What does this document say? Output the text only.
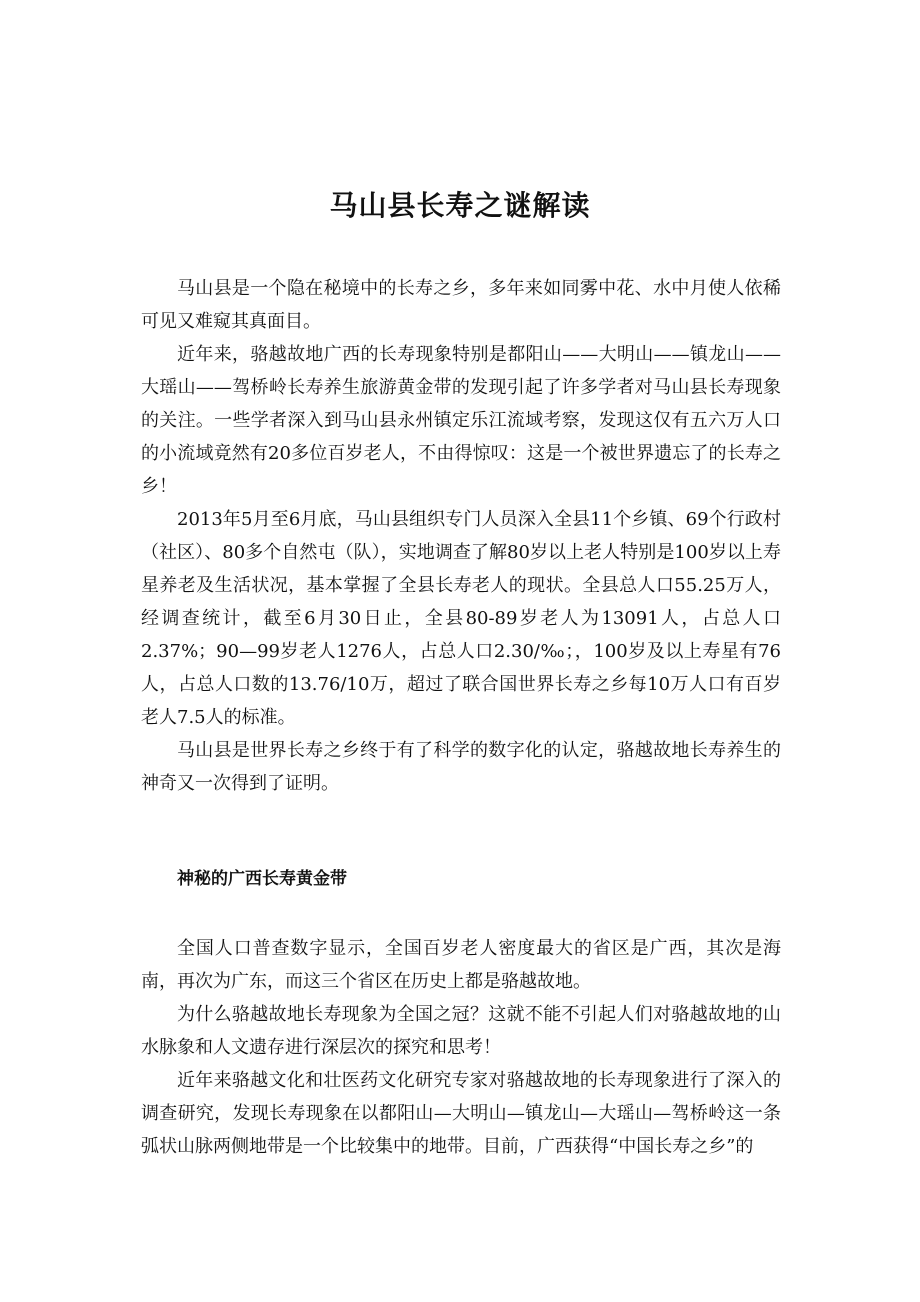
马山县长寿之谜解读

马山县是一个隐在秘境中的长寿之乡，多年来如同雾中花、水中月使人依稀可见又难窥其真面目。

近年来，骆越故地广西的长寿现象特别是都阳山——大明山——镇龙山——大瑶山——驾桥岭长寿养生旅游黄金带的发现引起了许多学者对马山县长寿现象的关注。一些学者深入到马山县永州镇定乐江流域考察，发现这仅有五六万人口的小流域竟然有20多位百岁老人，不由得惊叹：这是一个被世界遗忘了的长寿之乡！

2013年5月至6月底，马山县组织专门人员深入全县11个乡镇、69个行政村（社区）、80多个自然屯（队），实地调查了解80岁以上老人特别是100岁以上寿星养老及生活状况，基本掌握了全县长寿老人的现状。全县总人口55.25万人，经调查统计，截至6月30日止，全县80-89岁老人为13091人，占总人口2.37%；90—99岁老人1276人，占总人口2.30/‰；，100岁及以上寿星有76人，占总人口数的13.76/10万，超过了联合国世界长寿之乡每10万人口有百岁老人7.5人的标准。

马山县是世界长寿之乡终于有了科学的数字化的认定，骆越故地长寿养生的神奇又一次得到了证明。

神秘的广西长寿黄金带

全国人口普查数字显示，全国百岁老人密度最大的省区是广西，其次是海南，再次为广东，而这三个省区在历史上都是骆越故地。

为什么骆越故地长寿现象为全国之冠？这就不能不引起人们对骆越故地的山水脉象和人文遗存进行深层次的探究和思考！

近年来骆越文化和壮医药文化研究专家对骆越故地的长寿现象进行了深入的调查研究，发现长寿现象在以都阳山—大明山—镇龙山—大瑶山—驾桥岭这一条弧状山脉两侧地带是一个比较集中的地带。目前，广西获得“中国长寿之乡”的
